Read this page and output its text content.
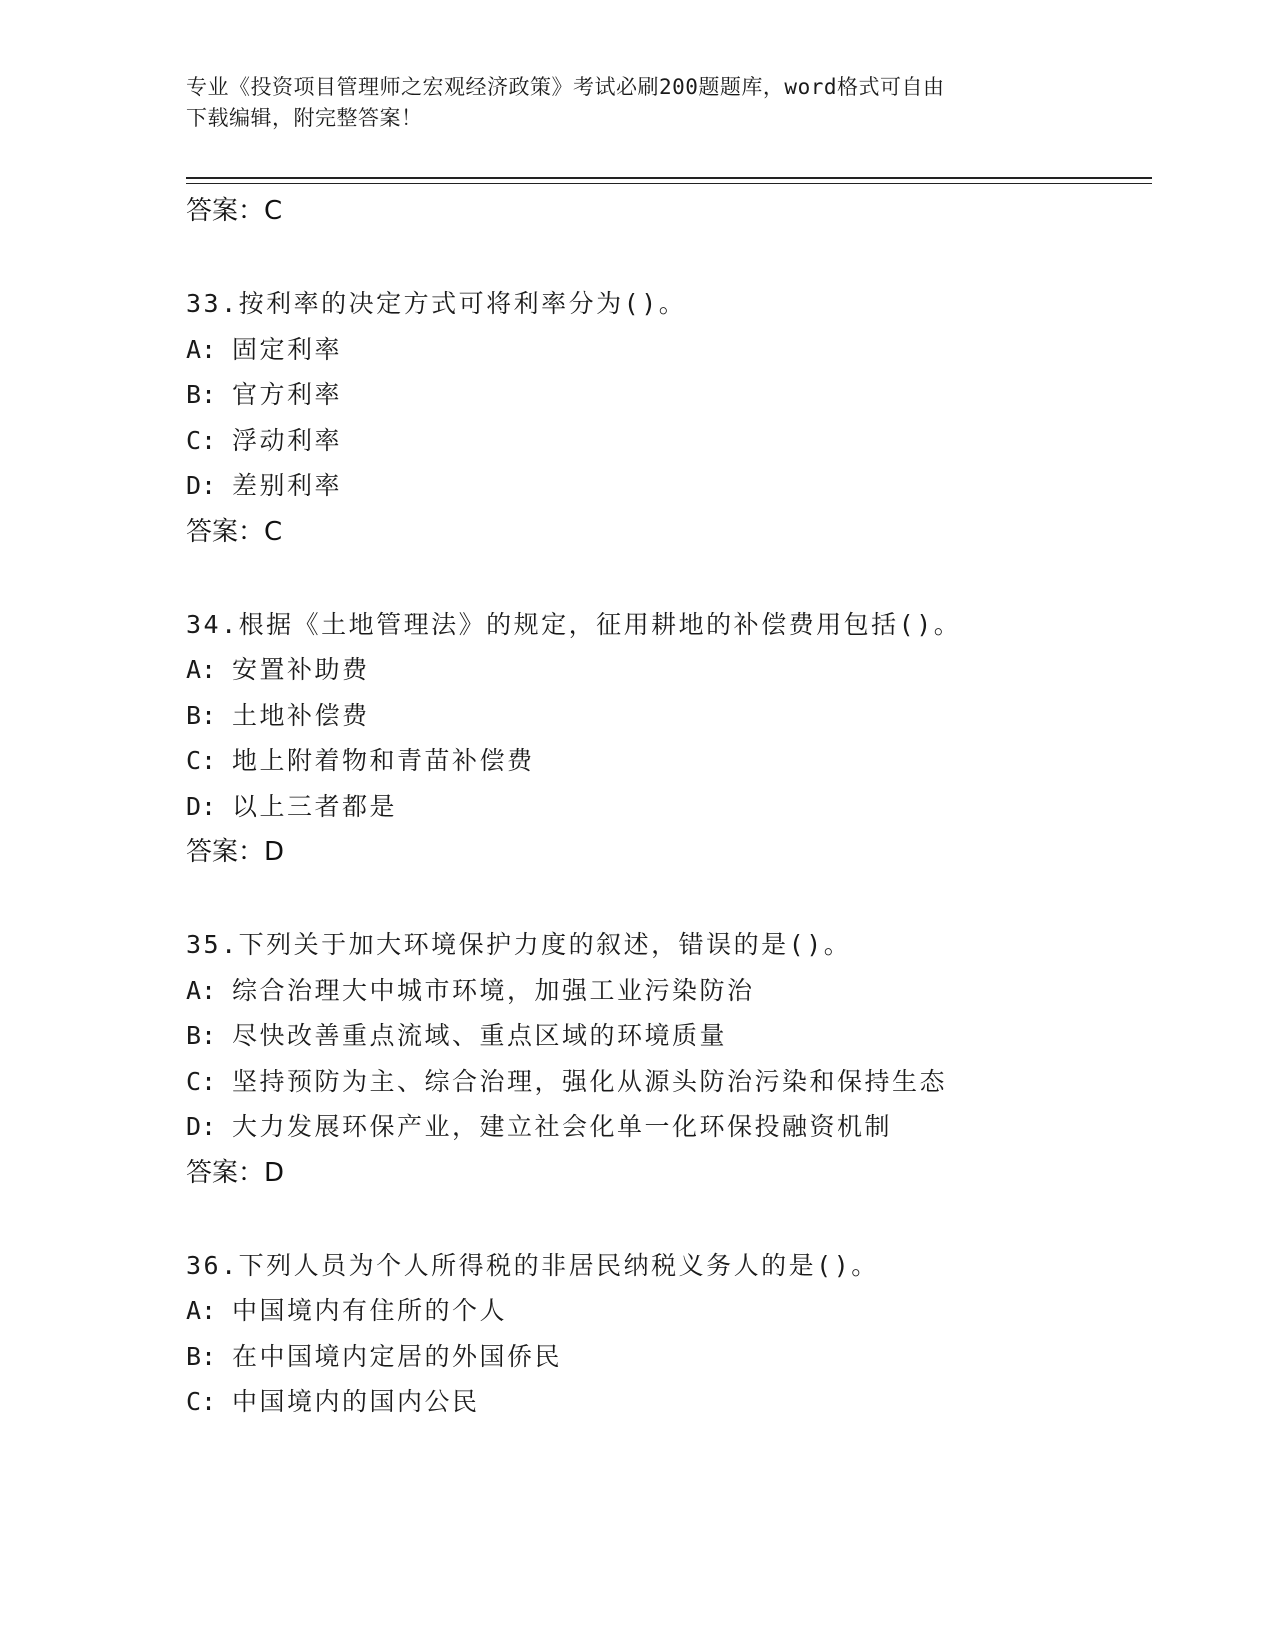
专业《投资项目管理师之宏观经济政策》考试必刷200题题库，word格式可自由
下载编辑，附完整答案！
答案：C
33.按利率的决定方式可将利率分为()。
A: 固定利率
B: 官方利率
C: 浮动利率
D: 差别利率
答案：C
34.根据《土地管理法》的规定，征用耕地的补偿费用包括()。
A: 安置补助费
B: 土地补偿费
C: 地上附着物和青苗补偿费
D: 以上三者都是
答案：D
35.下列关于加大环境保护力度的叙述，错误的是()。
A: 综合治理大中城市环境，加强工业污染防治
B: 尽快改善重点流域、重点区域的环境质量
C: 坚持预防为主、综合治理，强化从源头防治污染和保持生态
D: 大力发展环保产业，建立社会化单一化环保投融资机制
答案：D
36.下列人员为个人所得税的非居民纳税义务人的是()。
A: 中国境内有住所的个人
B: 在中国境内定居的外国侨民
C: 中国境内的国内公民
